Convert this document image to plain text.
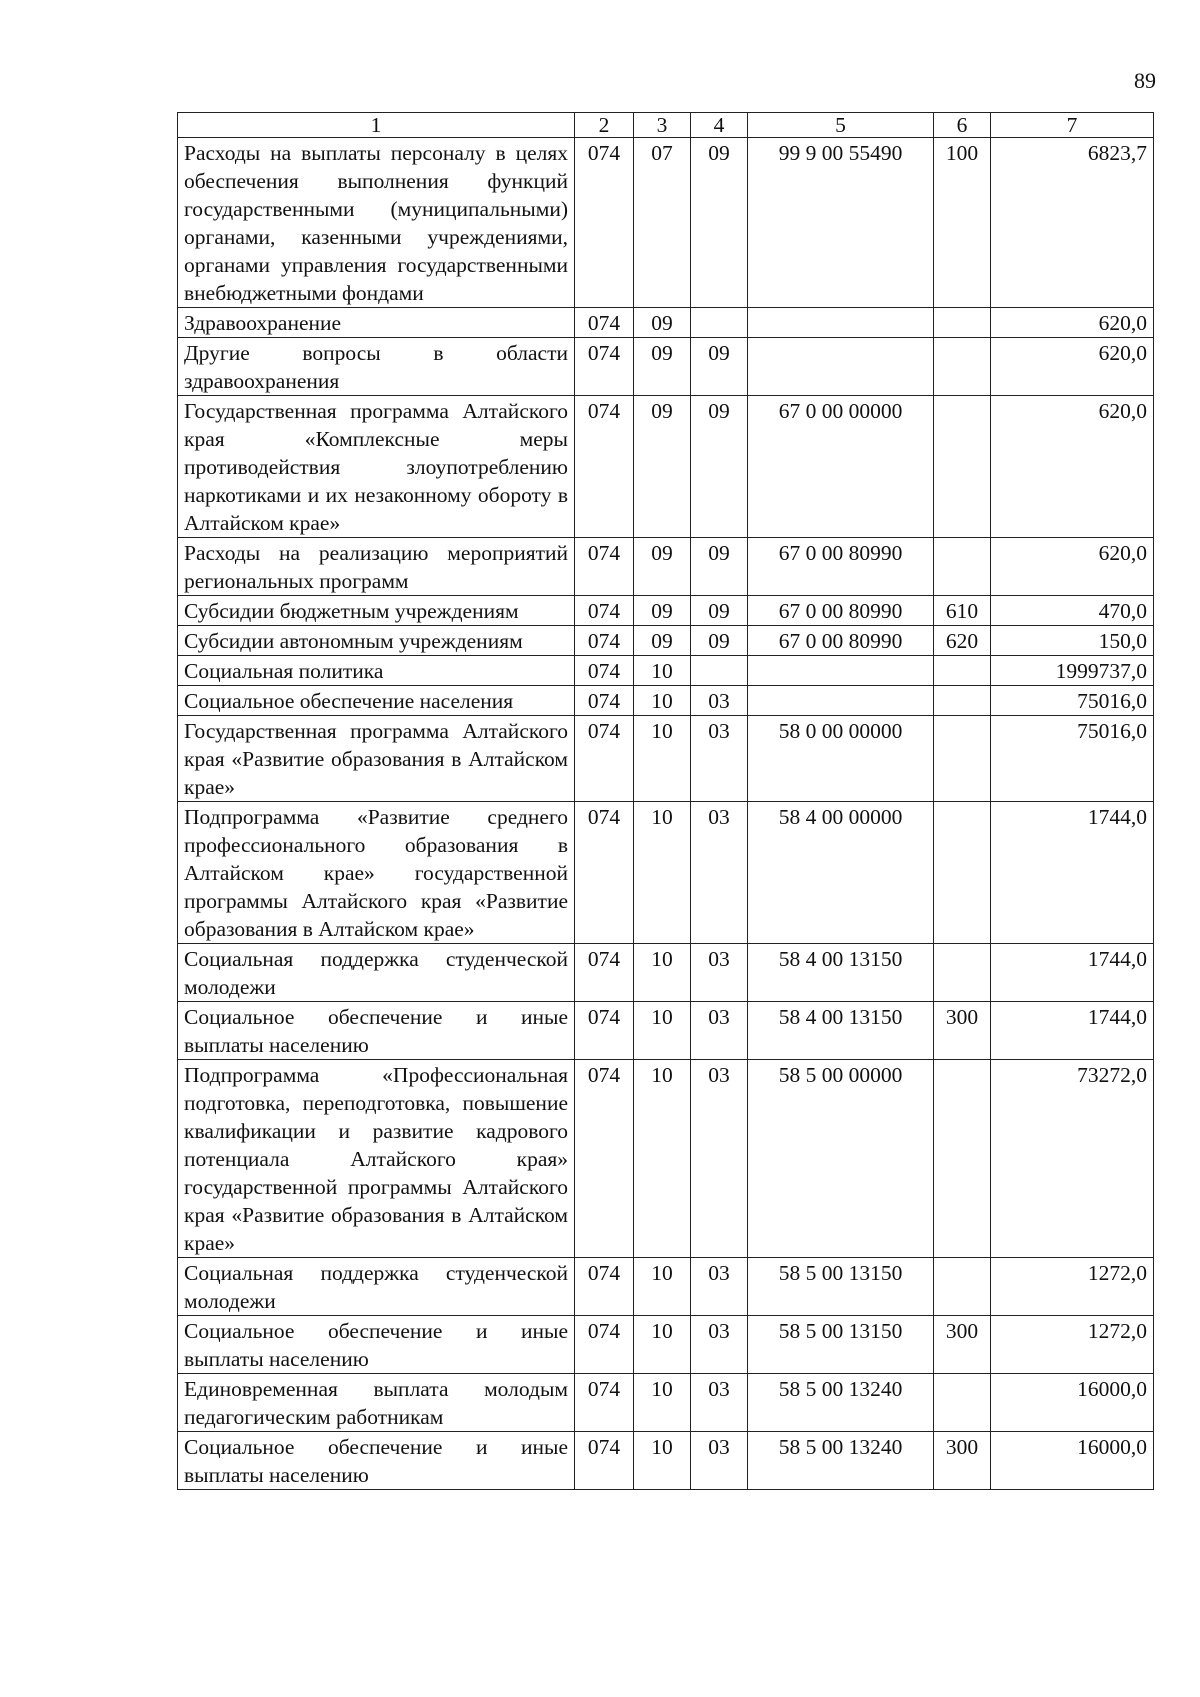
89
1	2	3	4	5	6	7
Расходы на выплаты персоналу в целях обеспечения выполнения функций государственными (муниципальными) органами, казенными учреждениями, органами управления государственными внебюджетными фондами	074	07	09	99 9 00 55490	100	6823,7
Здравоохранение	074	09				620,0
Другие вопросы в области здравоохранения	074	09	09			620,0
Государственная программа Алтайского края «Комплексные меры противодействия злоупотреблению наркотиками и их незаконному обороту в Алтайском крае»	074	09	09	67 0 00 00000		620,0
Расходы на реализацию мероприятий региональных программ	074	09	09	67 0 00 80990		620,0
Субсидии бюджетным учреждениям	074	09	09	67 0 00 80990	610	470,0
Субсидии автономным учреждениям	074	09	09	67 0 00 80990	620	150,0
Социальная политика	074	10				1999737,0
Социальное обеспечение населения	074	10	03			75016,0
Государственная программа Алтайского края «Развитие образования в Алтайском крае»	074	10	03	58 0 00 00000		75016,0
Подпрограмма «Развитие среднего профессионального образования в Алтайском крае» государственной программы Алтайского края «Развитие образования в Алтайском крае»	074	10	03	58 4 00 00000		1744,0
Социальная поддержка студенческой молодежи	074	10	03	58 4 00 13150		1744,0
Социальное обеспечение и иные выплаты населению	074	10	03	58 4 00 13150	300	1744,0
Подпрограмма «Профессиональная подготовка, переподготовка, повышение квалификации и развитие кадрового потенциала Алтайского края» государственной программы Алтайского края «Развитие образования в Алтайском крае»	074	10	03	58 5 00 00000		73272,0
Социальная поддержка студенческой молодежи	074	10	03	58 5 00 13150		1272,0
Социальное обеспечение и иные выплаты населению	074	10	03	58 5 00 13150	300	1272,0
Единовременная выплата молодым педагогическим работникам	074	10	03	58 5 00 13240		16000,0
Социальное обеспечение и иные выплаты населению	074	10	03	58 5 00 13240	300	16000,0
